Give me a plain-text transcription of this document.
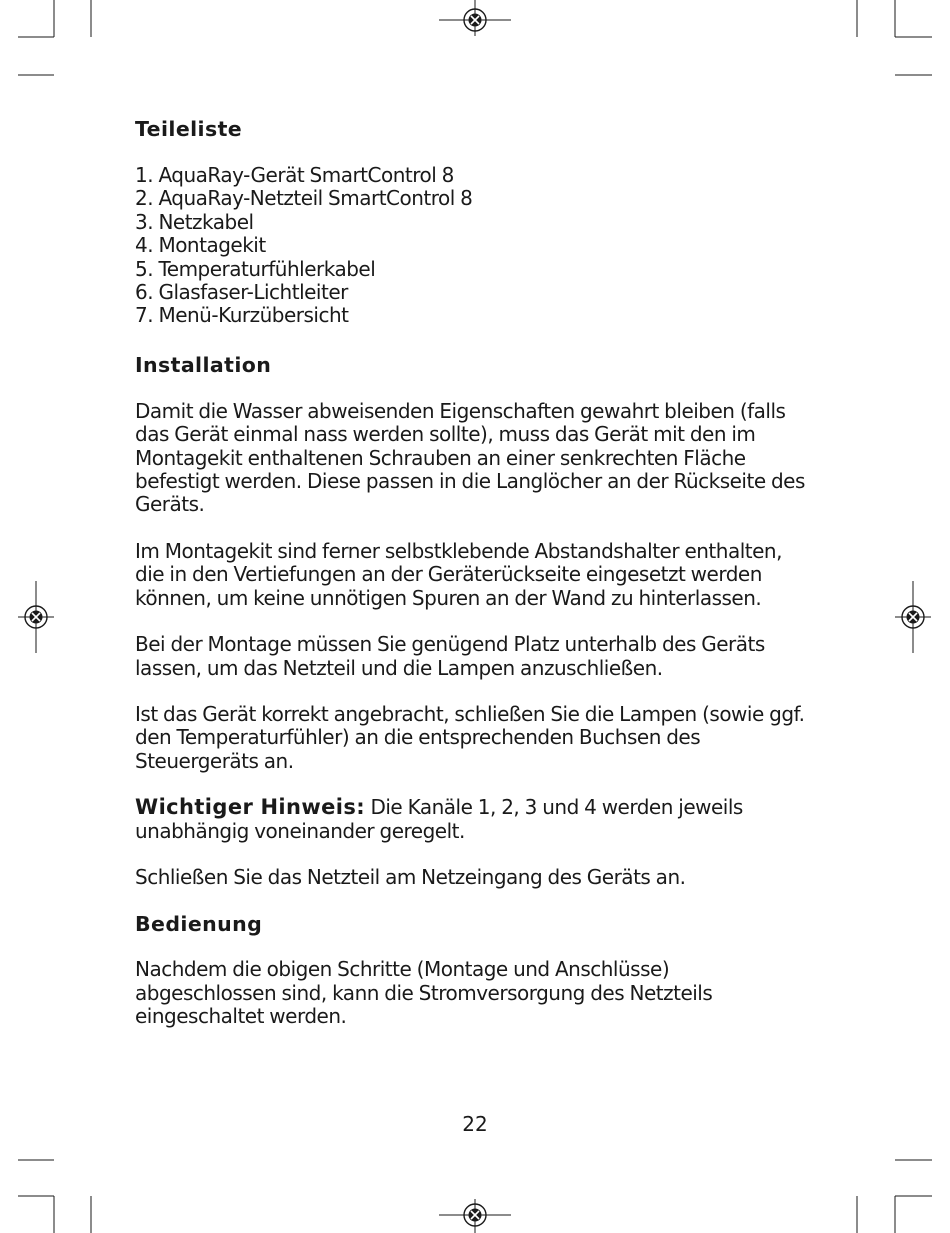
Teileliste
1. AquaRay-Gerät SmartControl 8
2. AquaRay-Netzteil SmartControl 8
3. Netzkabel
4. Montagekit
5. Temperaturfühlerkabel
6. Glasfaser-Lichtleiter
7. Menü-Kurzübersicht
Installation

Damit die Wasser abweisenden Eigenschaften gewahrt bleiben (falls das Gerät einmal nass werden sollte), muss das Gerät mit den im Montagekit enthaltenen Schrauben an einer senkrechten Fläche befestigt werden. Diese passen in die Langlöcher an der Rückseite des Geräts.

Im Montagekit sind ferner selbstklebende Abstandshalter enthalten, die in den Vertiefungen an der Geräterückseite eingesetzt werden können, um keine unnötigen Spuren an der Wand zu hinterlassen.

Bei der Montage müssen Sie genügend Platz unterhalb des Geräts lassen, um das Netzteil und die Lampen anzuschließen.

Ist das Gerät korrekt angebracht, schließen Sie die Lampen (sowie ggf. den Temperaturfühler) an die entsprechenden Buchsen des Steuergeräts an.

Wichtiger Hinweis: Die Kanäle 1, 2, 3 und 4 werden jeweils unabhängig voneinander geregelt.

Schließen Sie das Netzteil am Netzeingang des Geräts an.

Bedienung

Nachdem die obigen Schritte (Montage und Anschlüsse) abgeschlossen sind, kann die Stromversorgung des Netzteils eingeschaltet werden.

22
